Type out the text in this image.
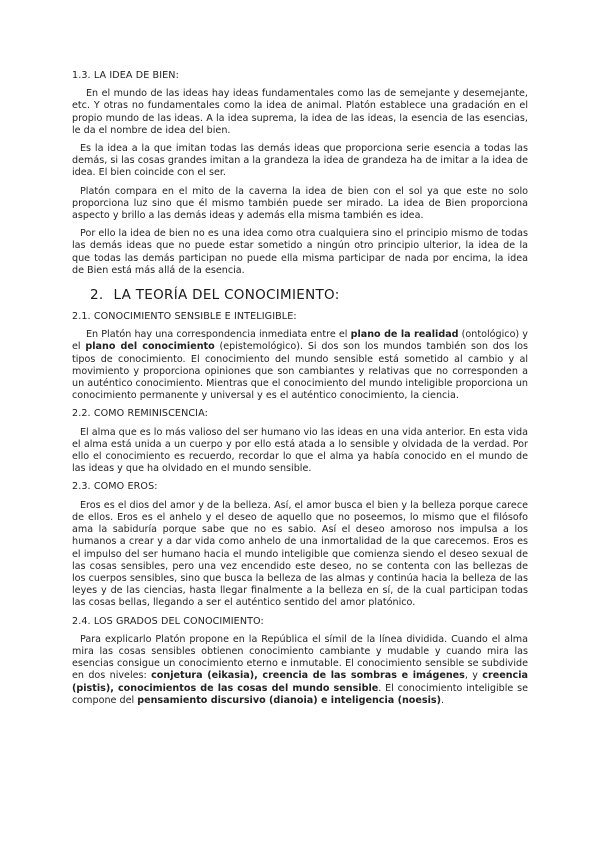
1.3. LA IDEA DE BIEN:

En el mundo de las ideas hay ideas fundamentales como las de semejante y desemejante, etc. Y otras no fundamentales como la idea de animal. Platón establece una gradación en el propio mundo de las ideas. A la idea suprema, la idea de las ideas, la esencia de las esencias, le da el nombre de idea del bien.

Es la idea a la que imitan todas las demás ideas que proporciona serie esencia a todas las demás, si las cosas grandes imitan a la grandeza la idea de grandeza ha de imitar a la idea de idea. El bien coincide con el ser.

Platón compara en el mito de la caverna la idea de bien con el sol ya que este no solo proporciona luz sino que él mismo también puede ser mirado. La idea de Bien proporciona aspecto y brillo a las demás ideas y además ella misma también es idea.

Por ello la idea de bien no es una idea como otra cualquiera sino el principio mismo de todas las demás ideas que no puede estar sometido a ningún otro principio ulterior, la idea de la que todas las demás participan no puede ella misma participar de nada por encima, la idea de Bien está más allá de la esencia.

2. LA TEORÍA DEL CONOCIMIENTO:
2.1. CONOCIMIENTO SENSIBLE E INTELIGIBLE:

En Platón hay una correspondencia inmediata entre el plano de la realidad (ontológico) y el plano del conocimiento (epistemológico). Si dos son los mundos también son dos los tipos de conocimiento. El conocimiento del mundo sensible está sometido al cambio y al movimiento y proporciona opiniones que son cambiantes y relativas que no corresponden a un auténtico conocimiento. Mientras que el conocimiento del mundo inteligible proporciona un conocimiento permanente y universal y es el auténtico conocimiento, la ciencia.

2.2. COMO REMINISCENCIA:

El alma que es lo más valioso del ser humano vio las ideas en una vida anterior. En esta vida el alma está unida a un cuerpo y por ello está atada a lo sensible y olvidada de la verdad. Por ello el conocimiento es recuerdo, recordar lo que el alma ya había conocido en el mundo de las ideas y que ha olvidado en el mundo sensible.

2.3. COMO EROS:

Eros es el dios del amor y de la belleza. Así, el amor busca el bien y la belleza porque carece de ellos. Eros es el anhelo y el deseo de aquello que no poseemos, lo mismo que el filósofo ama la sabiduría porque sabe que no es sabio. Así el deseo amoroso nos impulsa a los humanos a crear y a dar vida como anhelo de una inmortalidad de la que carecemos. Eros es el impulso del ser humano hacia el mundo inteligible que comienza siendo el deseo sexual de las cosas sensibles, pero una vez encendido este deseo, no se contenta con las bellezas de los cuerpos sensibles, sino que busca la belleza de las almas y continúa hacia la belleza de las leyes y de las ciencias, hasta llegar finalmente a la belleza en sí, de la cual participan todas las cosas bellas, llegando a ser el auténtico sentido del amor platónico.

2.4. LOS GRADOS DEL CONOCIMIENTO:

Para explicarlo Platón propone en la República el símil de la línea dividida. Cuando el alma mira las cosas sensibles obtienen conocimiento cambiante y mudable y cuando mira las esencias consigue un conocimiento eterno e inmutable. El conocimiento sensible se subdivide en dos niveles: conjetura (eikasia), creencia de las sombras e imágenes, y creencia (pistis), conocimientos de las cosas del mundo sensible. El conocimiento inteligible se compone del pensamiento discursivo (dianoia) e inteligencia (noesis).
